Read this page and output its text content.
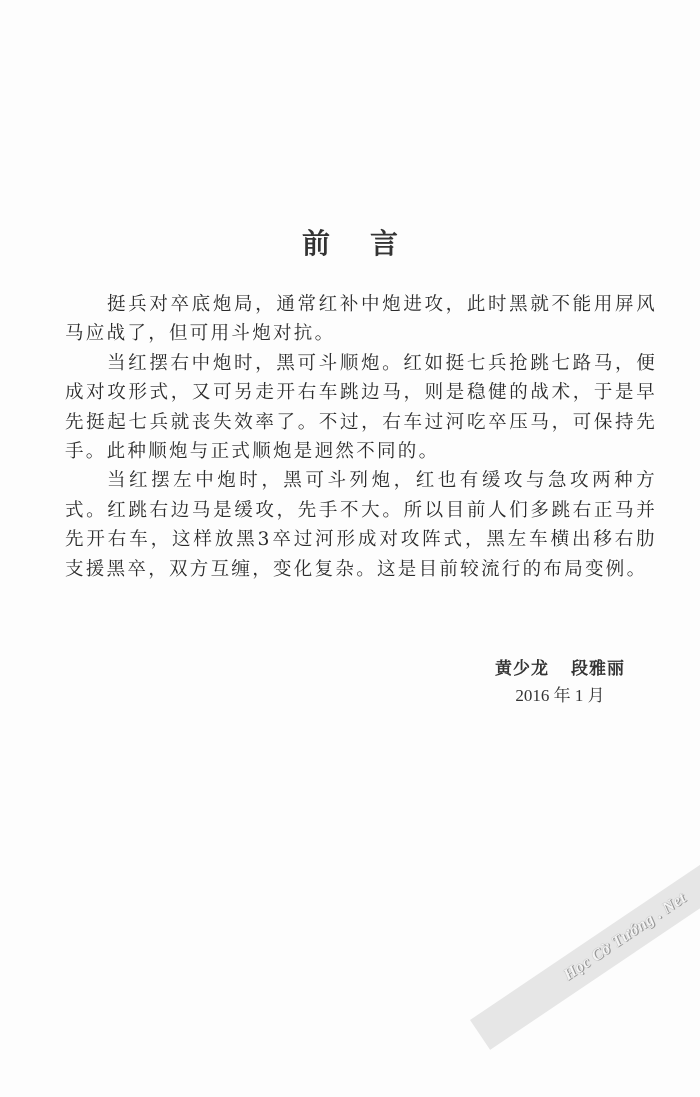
前言

挺兵对卒底炮局，通常红补中炮进攻，此时黑就不能用屏风马应战了，但可用斗炮对抗。

当红摆右中炮时，黑可斗顺炮。红如挺七兵抢跳七路马，便成对攻形式，又可另走开右车跳边马，则是稳健的战术，于是早先挺起七兵就丧失效率了。不过，右车过河吃卒压马，可保持先手。此种顺炮与正式顺炮是迥然不同的。

当红摆左中炮时，黑可斗列炮，红也有缓攻与急攻两种方式。红跳右边马是缓攻，先手不大。所以目前人们多跳右正马并先开右车，这样放黑3卒过河形成对攻阵式，黑左车横出移右肋支援黑卒，双方互缠，变化复杂。这是目前较流行的布局变例。

黄少龙 段雅丽
2016 年 1 月
Học Cờ Tướng . Net
